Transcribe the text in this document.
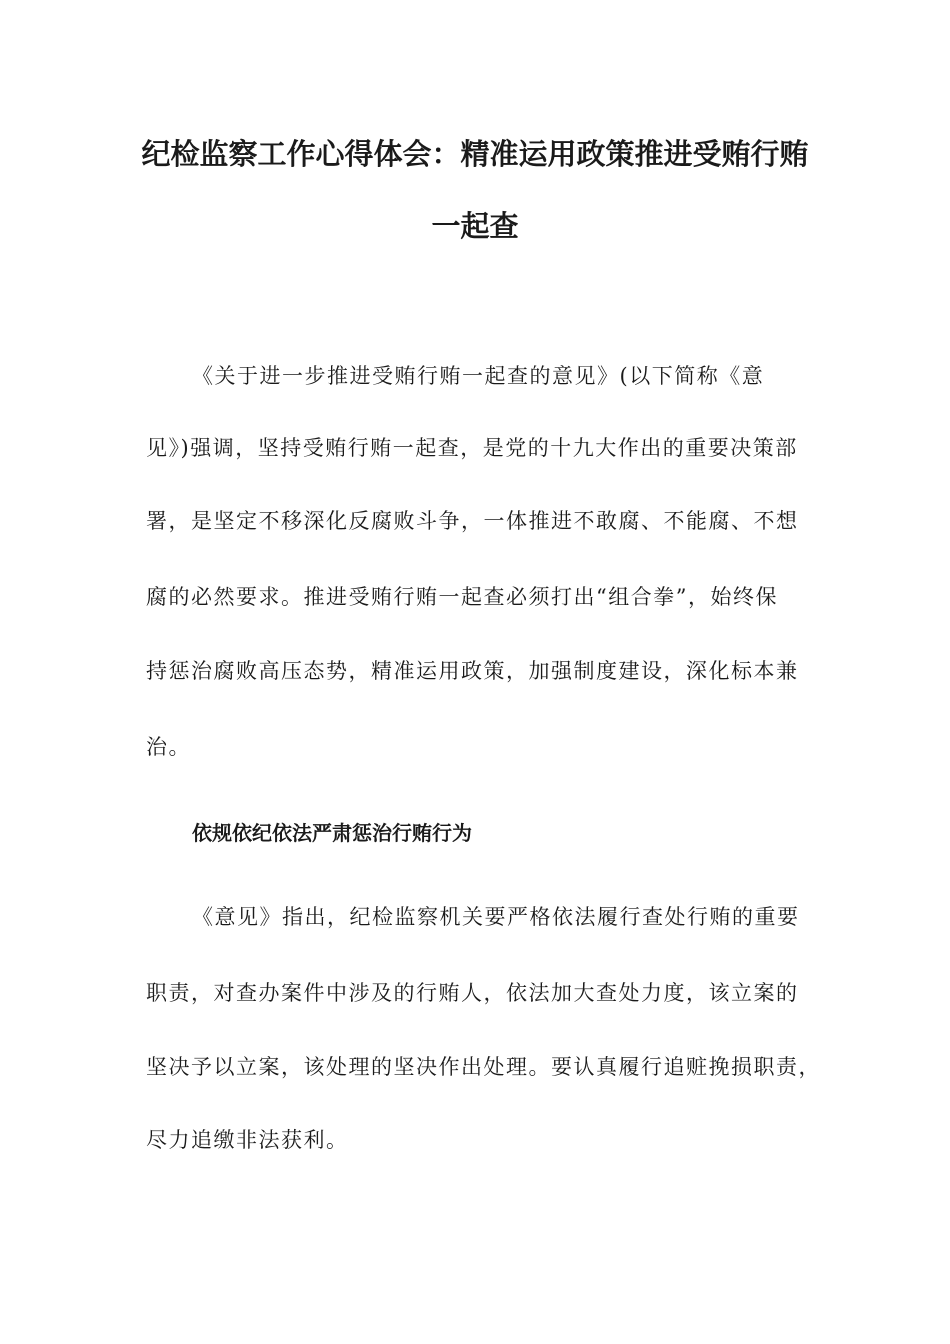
纪检监察工作心得体会：精准运用政策推进受贿行贿
一起查
《关于进一步推进受贿行贿一起查的意见》(以下简称《意
见》)强调，坚持受贿行贿一起查，是党的十九大作出的重要决策部
署，是坚定不移深化反腐败斗争，一体推进不敢腐、不能腐、不想
腐的必然要求。推进受贿行贿一起查必须打出“组合拳”，始终保
持惩治腐败高压态势，精准运用政策，加强制度建设，深化标本兼
治。
依规依纪依法严肃惩治行贿行为
《意见》指出，纪检监察机关要严格依法履行查处行贿的重要
职责，对查办案件中涉及的行贿人，依法加大查处力度，该立案的
坚决予以立案，该处理的坚决作出处理。要认真履行追赃挽损职责，
尽力追缴非法获利。
